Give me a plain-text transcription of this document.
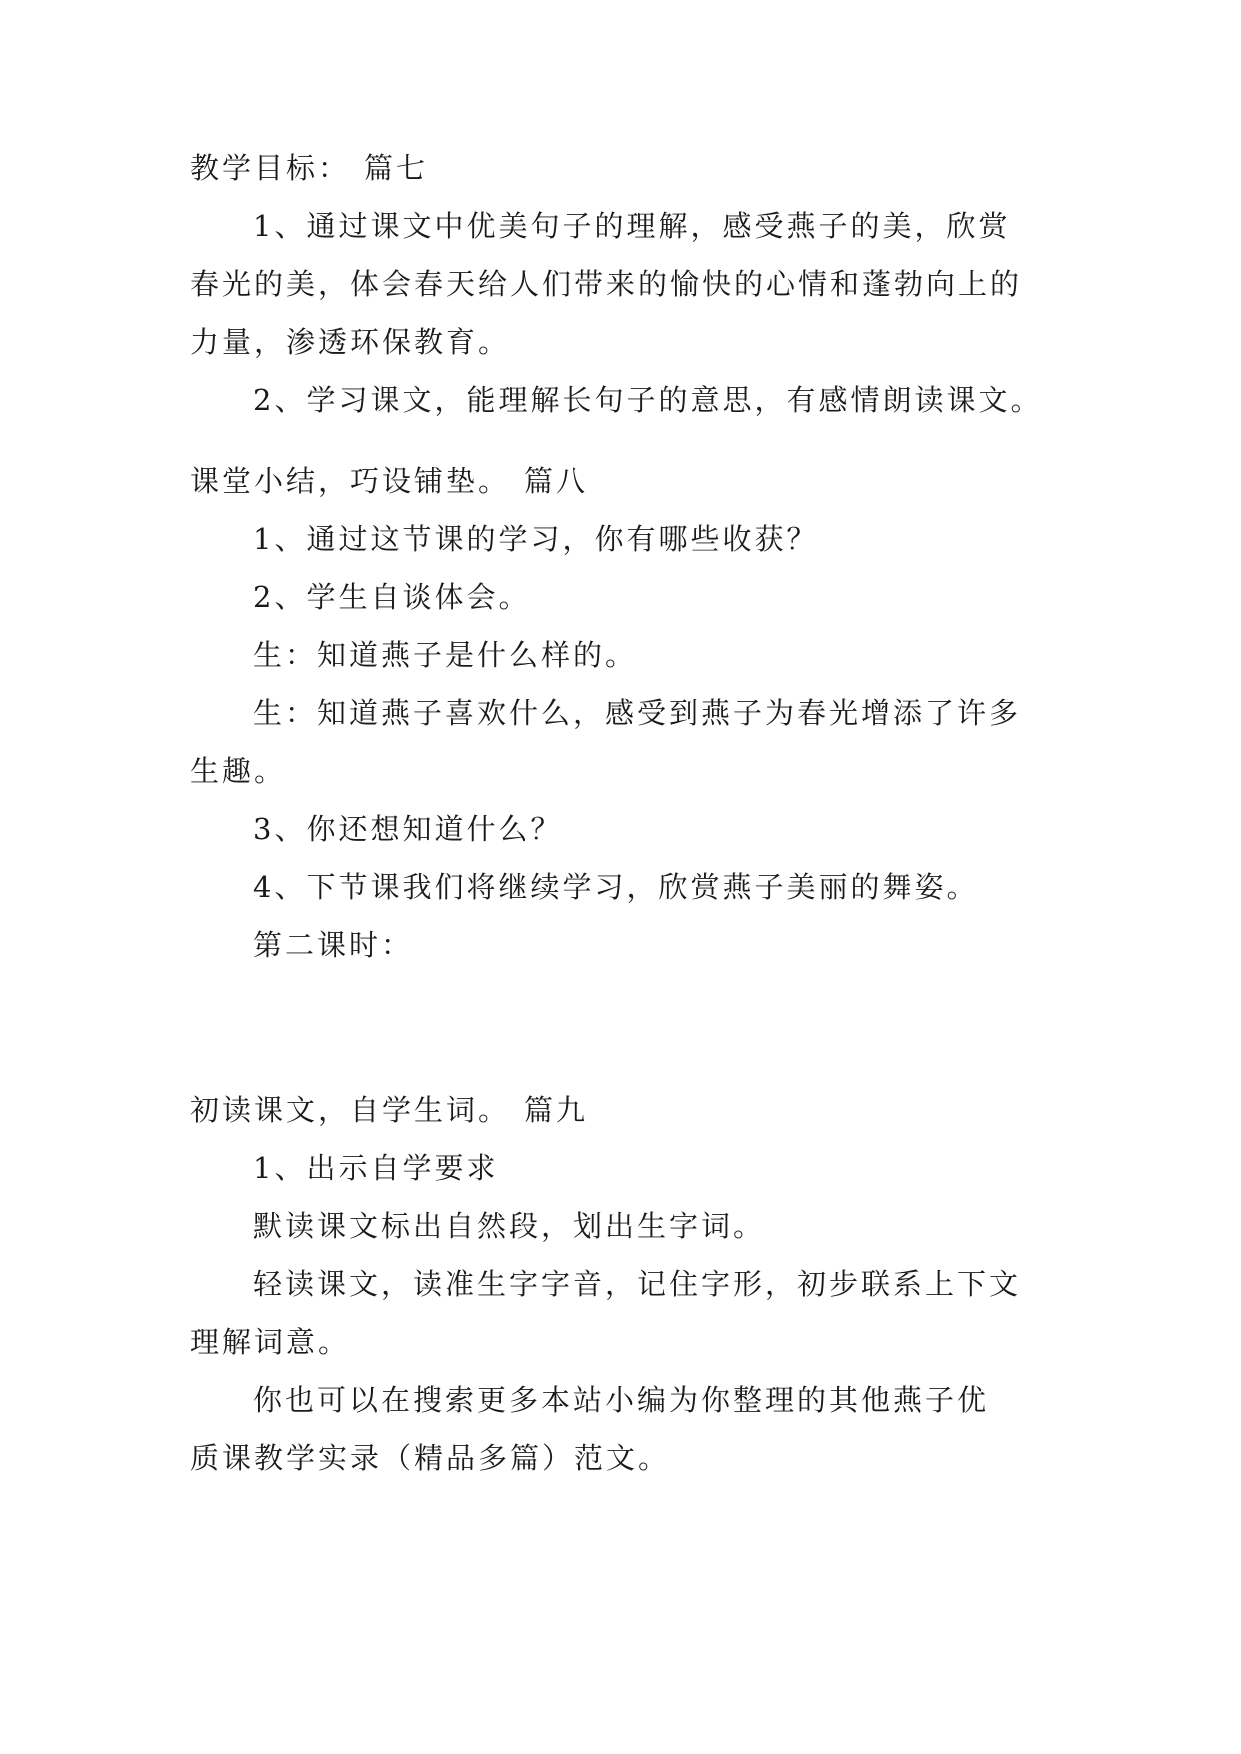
教学目标： 篇七

1、通过课文中优美句子的理解，感受燕子的美，欣赏

春光的美，体会春天给人们带来的愉快的心情和蓬勃向上的

力量，渗透环保教育。

2、学习课文，能理解长句子的意思，有感情朗读课文。

课堂小结，巧设铺垫。 篇八

1、通过这节课的学习，你有哪些收获？

2、学生自谈体会。

生：知道燕子是什么样的。

生：知道燕子喜欢什么，感受到燕子为春光增添了许多

生趣。

3、你还想知道什么？

4、下节课我们将继续学习，欣赏燕子美丽的舞姿。

第二课时：

初读课文，自学生词。 篇九

1、出示自学要求

默读课文标出自然段，划出生字词。

轻读课文，读准生字字音，记住字形，初步联系上下文

理解词意。

你也可以在搜索更多本站小编为你整理的其他燕子优

质课教学实录（精品多篇）范文。
